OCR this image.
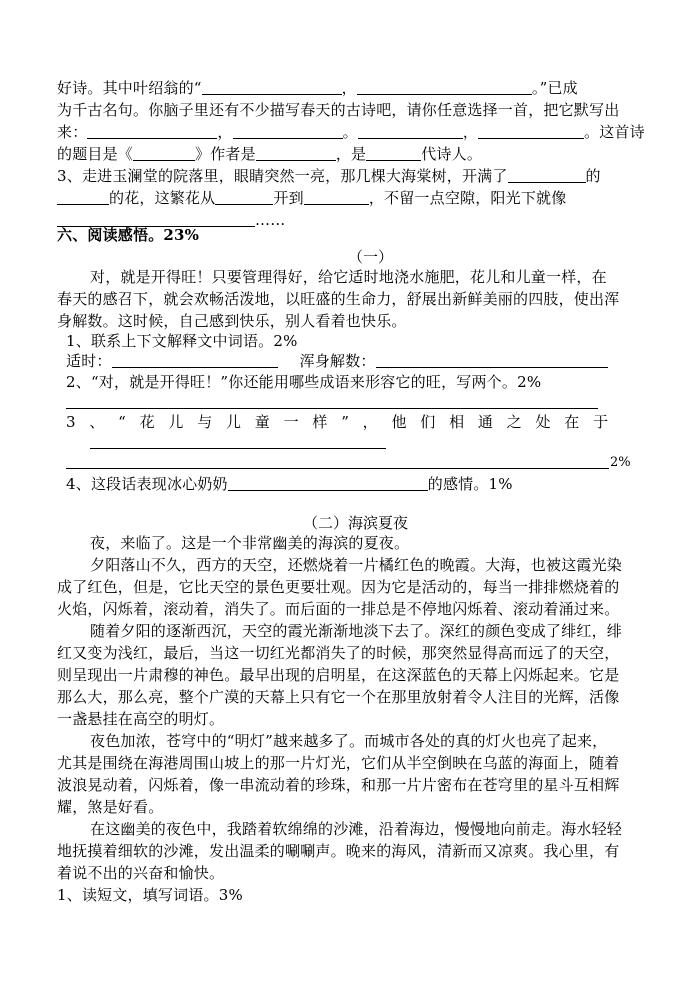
好诗。其中叶绍翁的“	，	。”已成
为千古名句。你脑子里还有不少描写春天的古诗吧，请你任意选择一首，把它默写出
来：	，	。	，	。这首诗
的题目是《	》作者是	，是	代诗人。
3、走进玉澜堂的院落里，眼睛突然一亮，那几棵大海棠树，开满了	的
的花，这繁花从	开到	，不留一点空隙，阳光下就像
……
六、阅读感悟。23%
（一）
对，就是开得旺！只要管理得好，给它适时地浇水施肥，花儿和儿童一样，在
春天的感召下，就会欢畅活泼地，以旺盛的生命力，舒展出新鲜美丽的四肢，使出浑
身解数。这时候，自己感到快乐，别人看着也快乐。
1、联系上下文解释文中词语。2%
适时：	浑身解数：
2、“对，就是开得旺！”你还能用哪些成语来形容它的旺，写两个。2%
3、“花儿与儿童一样”，他们相通之处在于
2%
4、这段话表现冰心奶奶	的感情。1%
（二）海滨夏夜
夜，来临了。这是一个非常幽美的海滨的夏夜。
夕阳落山不久，西方的天空，还燃烧着一片橘红色的晚霞。大海，也被这霞光染
成了红色，但是，它比天空的景色更要壮观。因为它是活动的，每当一排排燃烧着的
火焰，闪烁着，滚动着，消失了。而后面的一排总是不停地闪烁着、滚动着涌过来。
随着夕阳的逐渐西沉，天空的霞光渐渐地淡下去了。深红的颜色变成了绯红，绯
红又变为浅红，最后，当这一切红光都消失了的时候，那突然显得高而远了的天空，
则呈现出一片肃穆的神色。最早出现的启明星，在这深蓝色的天幕上闪烁起来。它是
那么大，那么亮，整个广漠的天幕上只有它一个在那里放射着令人注目的光辉，活像
一盏悬挂在高空的明灯。
夜色加浓，苍穹中的“明灯”越来越多了。而城市各处的真的灯火也亮了起来，
尤其是围绕在海港周围山坡上的那一片灯光，它们从半空倒映在乌蓝的海面上，随着
波浪晃动着，闪烁着，像一串流动着的珍珠，和那一片片密布在苍穹里的星斗互相辉
耀，煞是好看。
在这幽美的夜色中，我踏着软绵绵的沙滩，沿着海边，慢慢地向前走。海水轻轻
地抚摸着细软的沙滩，发出温柔的唰唰声。晚来的海风，清新而又凉爽。我心里，有
着说不出的兴奋和愉快。
1、读短文，填写词语。3%
